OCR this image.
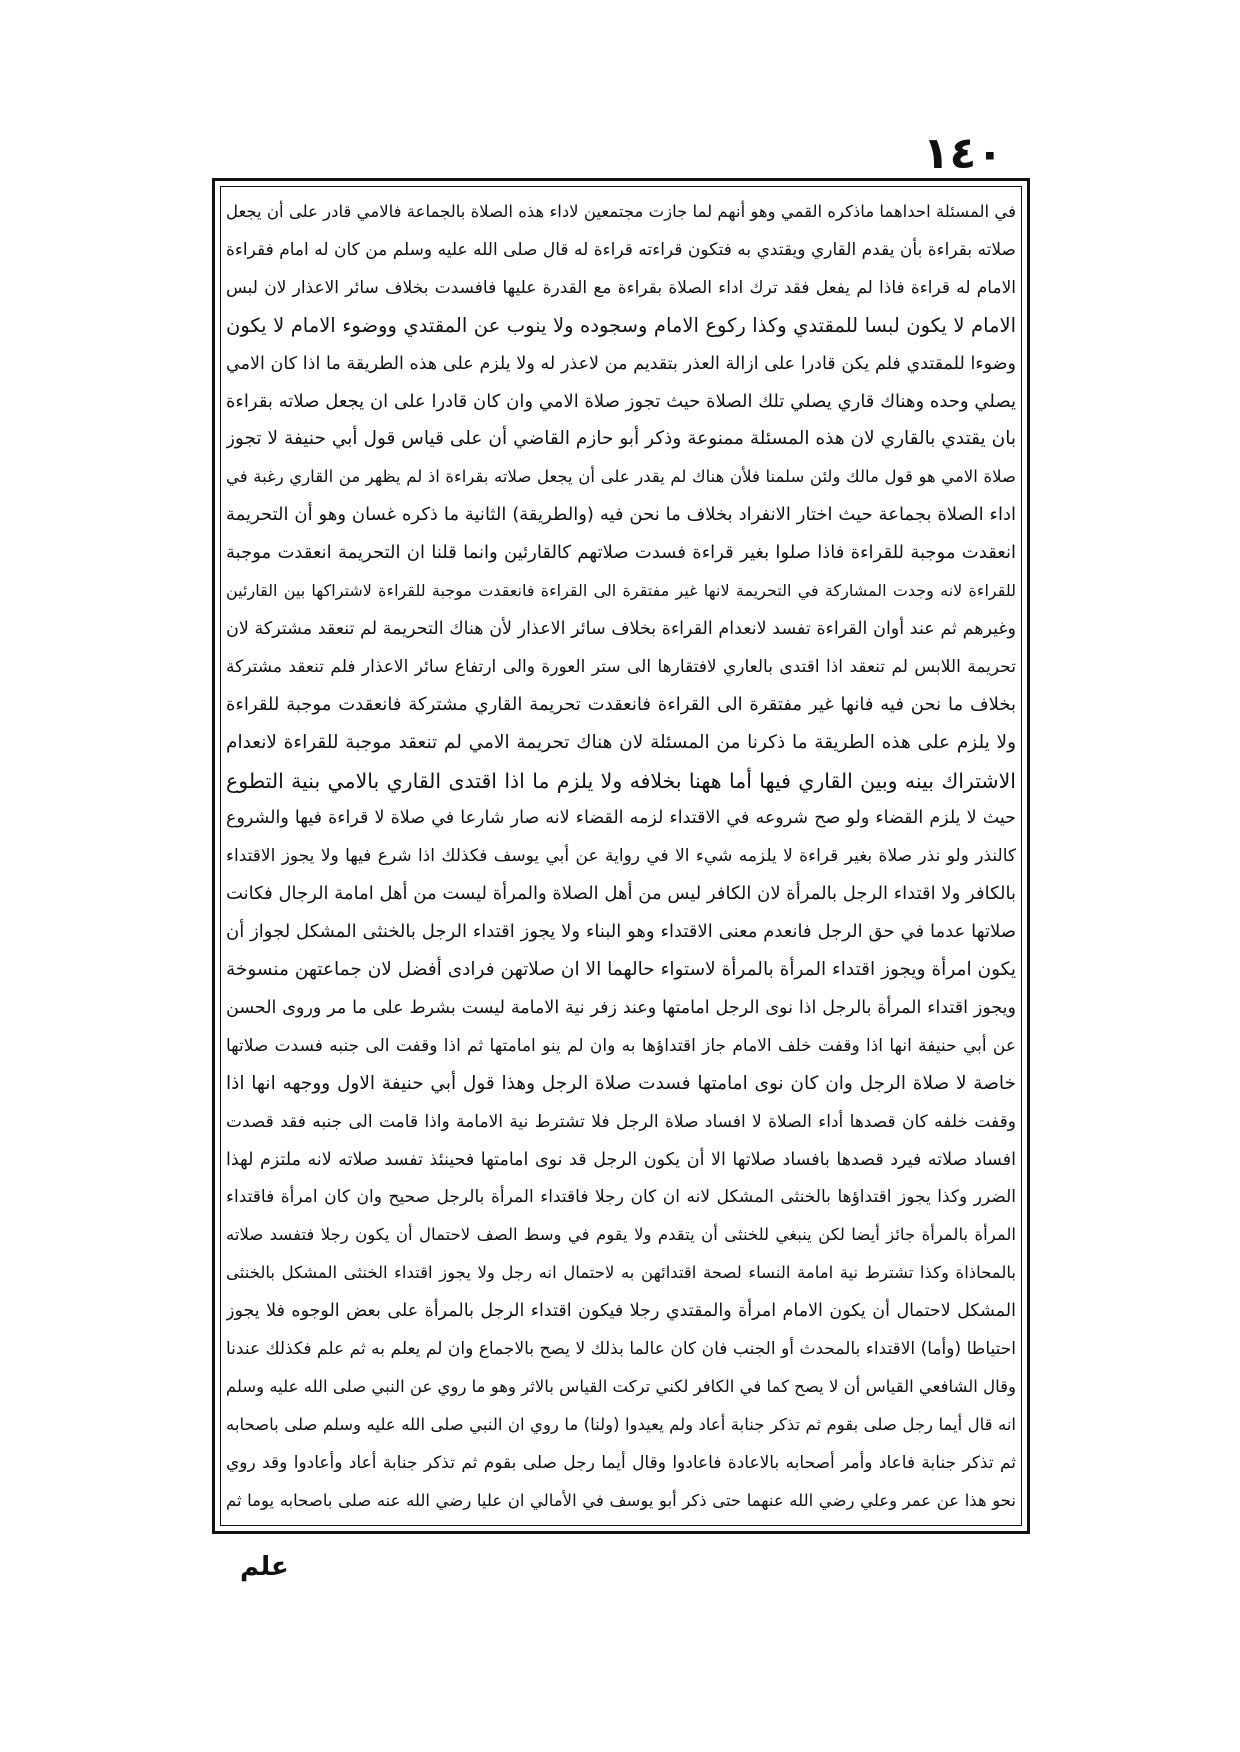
١٤٠
في المسئلة احداهما ماذكره القمي وهو أنهم لما جازت مجتمعين لاداء هذه الصلاة بالجماعة فالامي قادر على أن يجعل
صلاته بقراءة بأن يقدم القاري ويقتدي به فتكون قراءته قراءة له قال صلى الله عليه وسلم من كان له امام فقراءة
الامام له قراءة فاذا لم يفعل فقد ترك اداء الصلاة بقراءة مع القدرة عليها فافسدت بخلاف سائر الاعذار لان لبس
الامام لا يكون لبسا للمقتدي وكذا ركوع الامام وسجوده ولا ينوب عن المقتدي ووضوء الامام لا يكون
وضوءا للمقتدي فلم يكن قادرا على ازالة العذر بتقديم من لاعذر له ولا يلزم على هذه الطريقة ما اذا كان الامي
يصلي وحده وهناك قاري يصلي تلك الصلاة حيث تجوز صلاة الامي وان كان قادرا على ان يجعل صلاته بقراءة
بان يقتدي بالقاري لان هذه المسئلة ممنوعة وذكر أبو حازم القاضي أن على قياس قول أبي حنيفة لا تجوز
صلاة الامي هو قول مالك ولئن سلمنا فلأن هناك لم يقدر على أن يجعل صلاته بقراءة اذ لم يظهر من القاري رغبة في
اداء الصلاة بجماعة حيث اختار الانفراد بخلاف ما نحن فيه (والطريقة) الثانية ما ذكره غسان وهو أن التحريمة
انعقدت موجبة للقراءة فاذا صلوا بغير قراءة فسدت صلاتهم كالقارئين وانما قلنا ان التحريمة انعقدت موجبة
للقراءة لانه وجدت المشاركة في التحريمة لانها غير مفتقرة الى القراءة فانعقدت موجبة للقراءة لاشتراكها بين القارئين
وغيرهم ثم عند أوان القراءة تفسد لانعدام القراءة بخلاف سائر الاعذار لأن هناك التحريمة لم تنعقد مشتركة لان
تحريمة اللابس لم تنعقد اذا اقتدى بالعاري لافتقارها الى ستر العورة والى ارتفاع سائر الاعذار فلم تنعقد مشتركة
بخلاف ما نحن فيه فانها غير مفتقرة الى القراءة فانعقدت تحريمة القاري مشتركة فانعقدت موجبة للقراءة
ولا يلزم على هذه الطريقة ما ذكرنا من المسئلة لان هناك تحريمة الامي لم تنعقد موجبة للقراءة لانعدام
الاشتراك بينه وبين القاري فيها أما ههنا بخلافه ولا يلزم ما اذا اقتدى القاري بالامي بنية التطوع
حيث لا يلزم القضاء ولو صح شروعه في الاقتداء لزمه القضاء لانه صار شارعا في صلاة لا قراءة فيها والشروع
كالنذر ولو نذر صلاة بغير قراءة لا يلزمه شيء الا في رواية عن أبي يوسف فكذلك اذا شرع فيها ولا يجوز الاقتداء
بالكافر ولا اقتداء الرجل بالمرأة لان الكافر ليس من أهل الصلاة والمرأة ليست من أهل امامة الرجال فكانت
صلاتها عدما في حق الرجل فانعدم معنى الاقتداء وهو البناء ولا يجوز اقتداء الرجل بالخنثى المشكل لجواز أن
يكون امرأة ويجوز اقتداء المرأة بالمرأة لاستواء حالهما الا ان صلاتهن فرادى أفضل لان جماعتهن منسوخة
ويجوز اقتداء المرأة بالرجل اذا نوى الرجل امامتها وعند زفر نية الامامة ليست بشرط على ما مر وروى الحسن
عن أبي حنيفة انها اذا وقفت خلف الامام جاز اقتداؤها به وان لم ينو امامتها ثم اذا وقفت الى جنبه فسدت صلاتها
خاصة لا صلاة الرجل وان كان نوى امامتها فسدت صلاة الرجل وهذا قول أبي حنيفة الاول ووجهه انها اذا
وقفت خلفه كان قصدها أداء الصلاة لا افساد صلاة الرجل فلا تشترط نية الامامة واذا قامت الى جنبه فقد قصدت
افساد صلاته فيرد قصدها بافساد صلاتها الا أن يكون الرجل قد نوى امامتها فحينئذ تفسد صلاته لانه ملتزم لهذا
الضرر وكذا يجوز اقتداؤها بالخنثى المشكل لانه ان كان رجلا فاقتداء المرأة بالرجل صحيح وان كان امرأة فاقتداء
المرأة بالمرأة جائز أيضا لكن ينبغي للخنثى أن يتقدم ولا يقوم في وسط الصف لاحتمال أن يكون رجلا فتفسد صلاته
بالمحاذاة وكذا تشترط نية امامة النساء لصحة اقتدائهن به لاحتمال انه رجل ولا يجوز اقتداء الخنثى المشكل بالخنثى
المشكل لاحتمال أن يكون الامام امرأة والمقتدي رجلا فيكون اقتداء الرجل بالمرأة على بعض الوجوه فلا يجوز
احتياطا (وأما) الاقتداء بالمحدث أو الجنب فان كان عالما بذلك لا يصح بالاجماع وان لم يعلم به ثم علم فكذلك عندنا
وقال الشافعي القياس أن لا يصح كما في الكافر لكني تركت القياس بالاثر وهو ما روي عن النبي صلى الله عليه وسلم
انه قال أيما رجل صلى بقوم ثم تذكر جنابة أعاد ولم يعيدوا (ولنا) ما روي ان النبي صلى الله عليه وسلم صلى باصحابه
ثم تذكر جنابة فاعاد وأمر أصحابه بالاعادة فاعادوا وقال أيما رجل صلى بقوم ثم تذكر جنابة أعاد وأعادوا وقد روي
نحو هذا عن عمر وعلي رضي الله عنهما حتى ذكر أبو يوسف في الأمالي ان عليا رضي الله عنه صلى باصحابه يوما ثم
علم
